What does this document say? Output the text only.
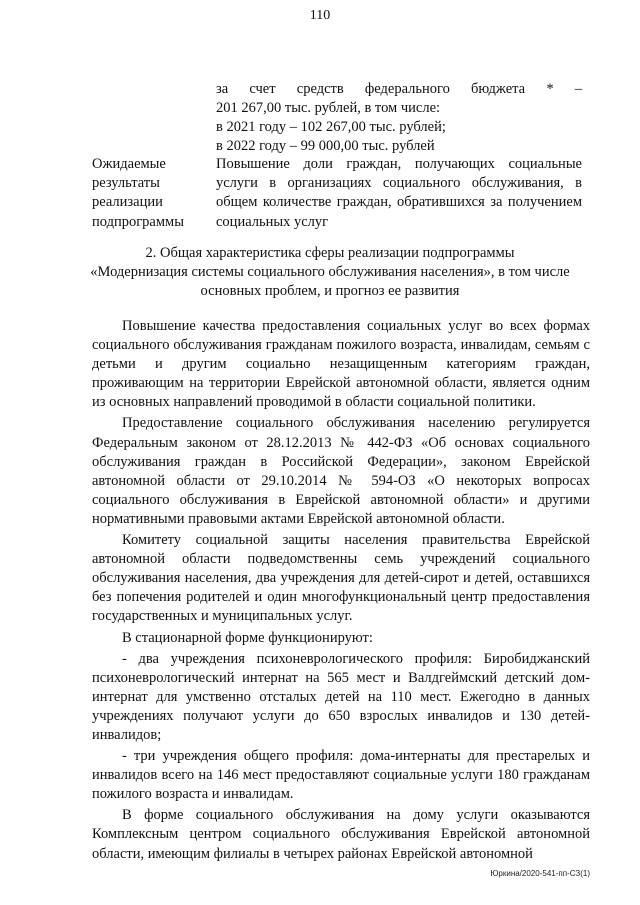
110
за счет средств федерального бюджета * –
201 267,00 тыс. рублей, в том числе:
в 2021 году – 102 267,00 тыс. рублей;
в 2022 году – 99 000,00 тыс. рублей
Ожидаемые
результаты
реализации
подпрограммы
Повышение доли граждан, получающих социальные услуги в организациях социального обслуживания, в общем количестве граждан, обратившихся за получением социальных услуг
2. Общая характеристика сферы реализации подпрограммы
«Модернизация системы социального обслуживания населения», в том числе
основных проблем, и прогноз ее развития

Повышение качества предоставления социальных услуг во всех формах социального обслуживания гражданам пожилого возраста, инвалидам, семьям с детьми и другим социально незащищенным категориям граждан, проживающим на территории Еврейской автономной области, является одним из основных направлений проводимой в области социальной политики.

Предоставление социального обслуживания населению регулируется Федеральным законом от 28.12.2013 № 442-ФЗ «Об основах социального обслуживания граждан в Российской Федерации», законом Еврейской автономной области от 29.10.2014 № 594-ОЗ «О некоторых вопросах социального обслуживания в Еврейской автономной области» и другими нормативными правовыми актами Еврейской автономной области.

Комитету социальной защиты населения правительства Еврейской автономной области подведомственны семь учреждений социального обслуживания населения, два учреждения для детей-сирот и детей, оставшихся без попечения родителей и один многофункциональный центр предоставления государственных и муниципальных услуг.

В стационарной форме функционируют:

- два учреждения психоневрологического профиля: Биробиджанский психоневрологический интернат на 565 мест и Валдгеймский детский дом-интернат для умственно отсталых детей на 110 мест. Ежегодно в данных учреждениях получают услуги до 650 взрослых инвалидов и 130 детей-инвалидов;

- три учреждения общего профиля: дома-интернаты для престарелых и инвалидов всего на 146 мест предоставляют социальные услуги 180 гражданам пожилого возраста и инвалидам.

В форме социального обслуживания на дому услуги оказываются Комплексным центром социального обслуживания Еврейской автономной области, имеющим филиалы в четырех районах Еврейской автономной

Юркина/2020-541-пп-СЗ(1)
